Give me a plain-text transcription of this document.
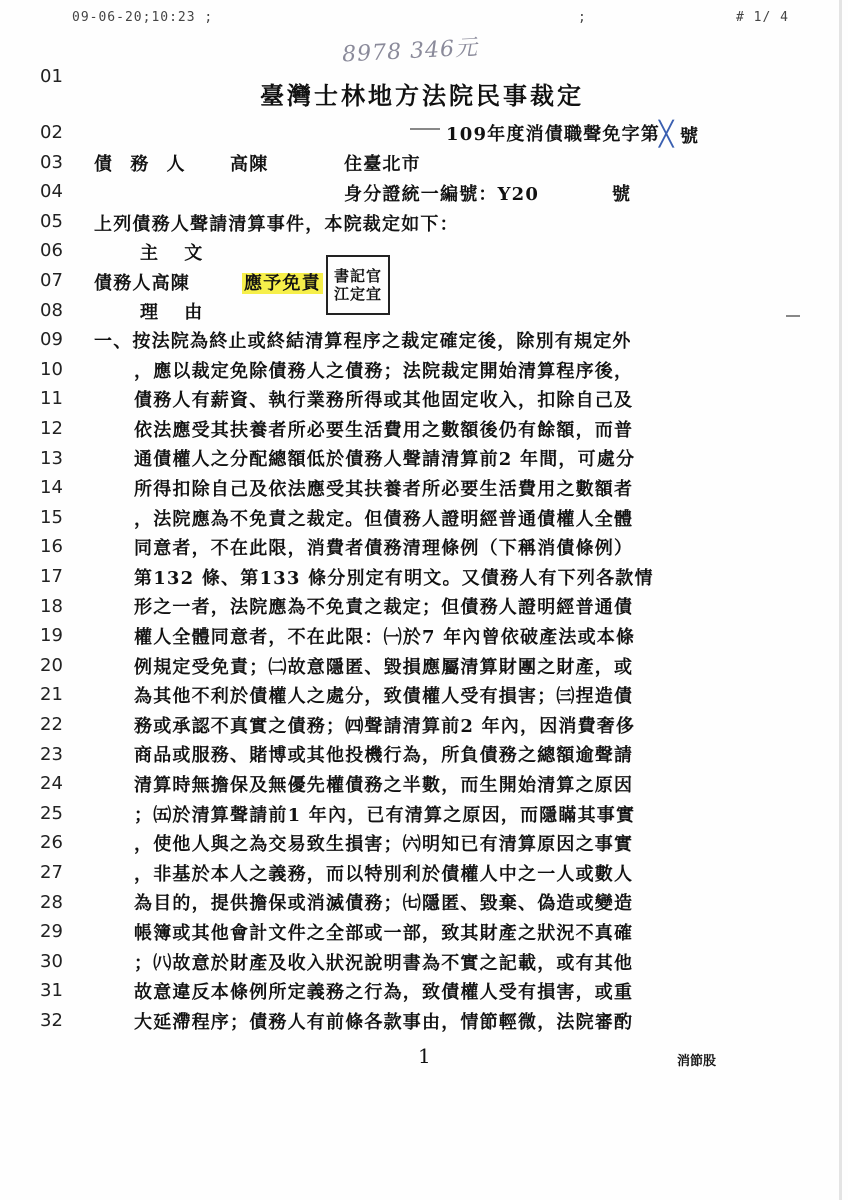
09-06-20;10:23 ;	;	# 1/ 4
8978 346元
臺灣士林地方法院民事裁定
01
02
03
04
05
06
07
08
09
10
11
12
13
14
15
16
17
18
19
20
21
22
23
24
25
26
27
28
29
30
31
32
109年度消債職聲免字第 ╳ 號
債 務 人 高陳	住臺北市
身分證統一編號：Y20	號
上列債務人聲請清算事件，本院裁定如下：
主 文
債務人高陳	應予免責 書記官
江定宜
理 由
一、按法院為終止或終結清算程序之裁定確定後，除別有規定外
，應以裁定免除債務人之債務；法院裁定開始清算程序後，
債務人有薪資、執行業務所得或其他固定收入，扣除自己及
依法應受其扶養者所必要生活費用之數額後仍有餘額，而普
通債權人之分配總額低於債務人聲請清算前2 年間，可處分
所得扣除自己及依法應受其扶養者所必要生活費用之數額者
，法院應為不免責之裁定。但債務人證明經普通債權人全體
同意者，不在此限，消費者債務清理條例（下稱消債條例）
第132 條、第133 條分別定有明文。又債務人有下列各款情
形之一者，法院應為不免責之裁定；但債務人證明經普通債
權人全體同意者，不在此限：㈠於7 年內曾依破產法或本條
例規定受免責；㈡故意隱匿、毀損應屬清算財團之財產，或
為其他不利於債權人之處分，致債權人受有損害；㈢捏造債
務或承認不真實之債務；㈣聲請清算前2 年內，因消費奢侈
商品或服務、賭博或其他投機行為，所負債務之總額逾聲請
清算時無擔保及無優先權債務之半數，而生開始清算之原因
；㈤於清算聲請前1 年內，已有清算之原因，而隱瞞其事實
，使他人與之為交易致生損害；㈥明知已有清算原因之事實
，非基於本人之義務，而以特別利於債權人中之一人或數人
為目的，提供擔保或消滅債務；㈦隱匿、毀棄、偽造或變造
帳簿或其他會計文件之全部或一部，致其財產之狀況不真確
；㈧故意於財產及收入狀況說明書為不實之記載，或有其他
故意違反本條例所定義務之行為，致債權人受有損害，或重
大延滯程序；債務人有前條各款事由，情節輕微，法院審酌
1	消節股
